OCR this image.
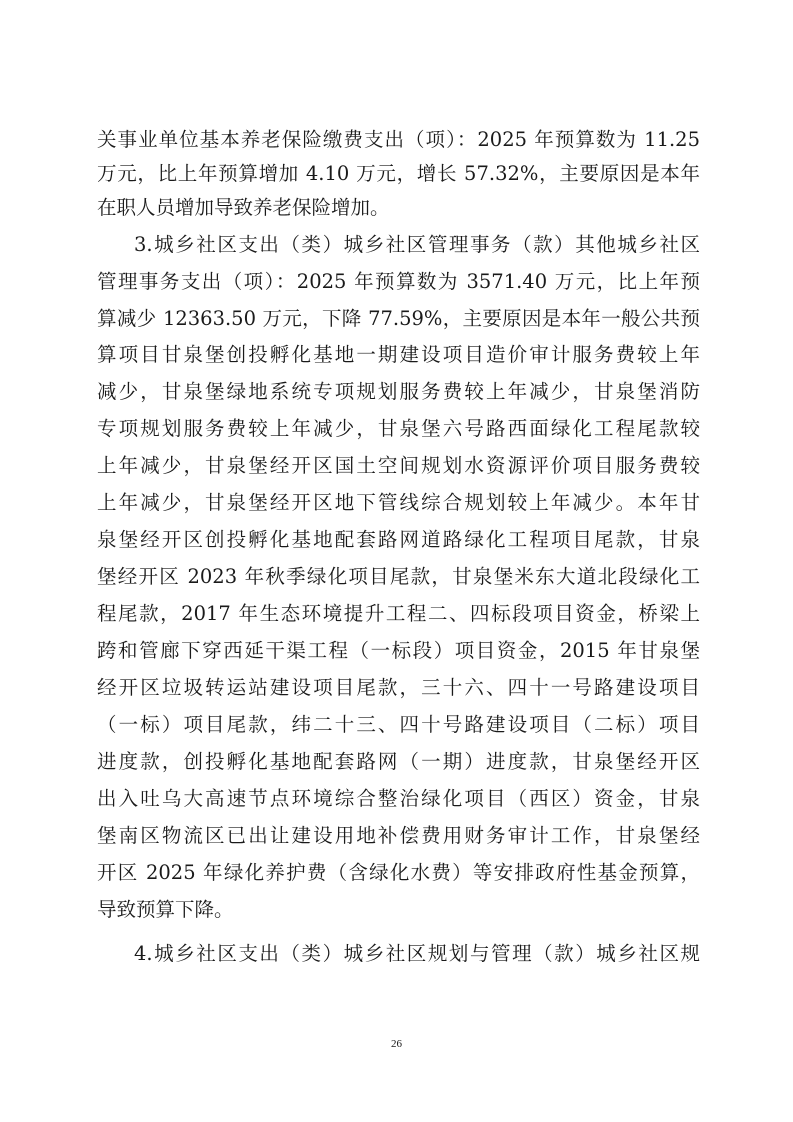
关事业单位基本养老保险缴费支出（项）：2025 年预算数为 11.25
万元，比上年预算增加 4.10 万元，增长 57.32%，主要原因是本年
在职人员增加导致养老保险增加。
3.城乡社区支出（类）城乡社区管理事务（款）其他城乡社区
管理事务支出（项）：2025 年预算数为 3571.40 万元，比上年预
算减少 12363.50 万元，下降 77.59%，主要原因是本年一般公共预
算项目甘泉堡创投孵化基地一期建设项目造价审计服务费较上年
减少，甘泉堡绿地系统专项规划服务费较上年减少，甘泉堡消防
专项规划服务费较上年减少，甘泉堡六号路西面绿化工程尾款较
上年减少，甘泉堡经开区国土空间规划水资源评价项目服务费较
上年减少，甘泉堡经开区地下管线综合规划较上年减少。本年甘
泉堡经开区创投孵化基地配套路网道路绿化工程项目尾款，甘泉
堡经开区 2023 年秋季绿化项目尾款，甘泉堡米东大道北段绿化工
程尾款，2017 年生态环境提升工程二、四标段项目资金，桥梁上
跨和管廊下穿西延干渠工程（一标段）项目资金，2015 年甘泉堡
经开区垃圾转运站建设项目尾款，三十六、四十一号路建设项目
（一标）项目尾款，纬二十三、四十号路建设项目（二标）项目
进度款，创投孵化基地配套路网（一期）进度款，甘泉堡经开区
出入吐乌大高速节点环境综合整治绿化项目（西区）资金，甘泉
堡南区物流区已出让建设用地补偿费用财务审计工作，甘泉堡经
开区 2025 年绿化养护费（含绿化水费）等安排政府性基金预算，
导致预算下降。
4.城乡社区支出（类）城乡社区规划与管理（款）城乡社区规
26
